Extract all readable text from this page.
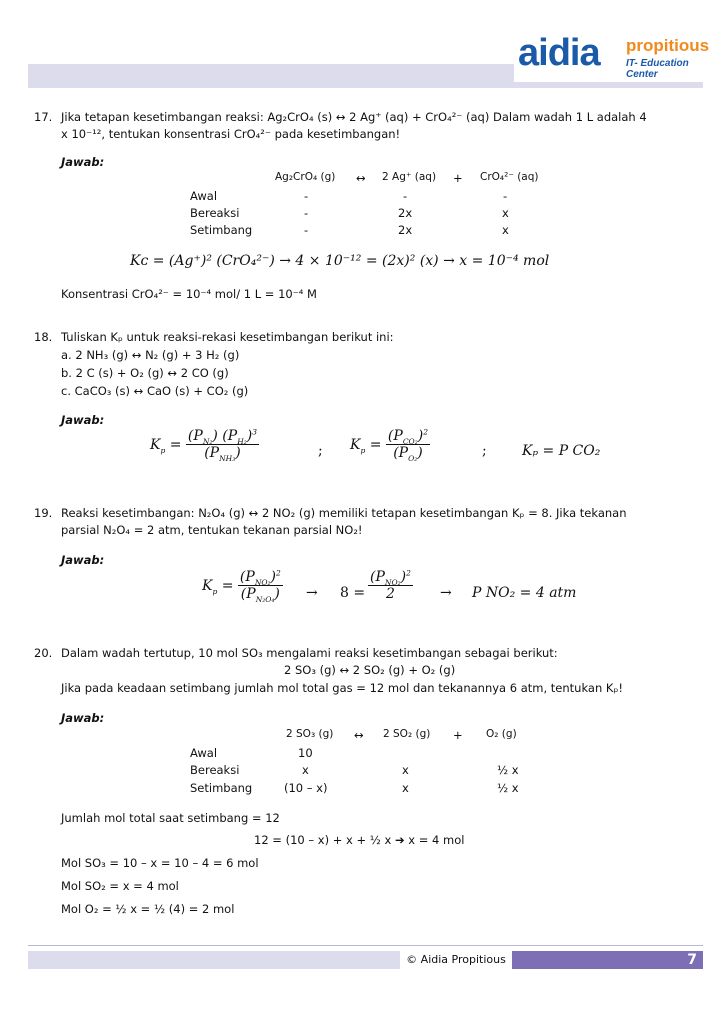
aidia propitious
IT- Education Center
17. Jika tetapan kesetimbangan reaksi: Ag₂CrO₄ (s) ↔ 2 Ag⁺ (aq) + CrO₄²⁻ (aq) Dalam wadah 1 L adalah 4
x 10⁻¹², tentukan konsentrasi CrO₄²⁻ pada kesetimbangan!
Jawab:
Ag₂CrO₄ (g) ↔ 2 Ag⁺ (aq) + CrO₄²⁻ (aq)
Awal	-	-	-
Bereaksi	-	2x	x
Setimbang	-	2x	x
Kᴄ = (Ag⁺)² (CrO₄²⁻) → 4 × 10⁻¹² = (2x)² (x) → x = 10⁻⁴ mol
Konsentrasi CrO₄²⁻ = 10⁻⁴ mol/ 1 L = 10⁻⁴ M
18. Tuliskan Kₚ untuk reaksi-rekasi kesetimbangan berikut ini:
a. 2 NH₃ (g) ↔ N₂ (g) + 3 H₂ (g)
b. 2 C (s) + O₂ (g) ↔ 2 CO (g)
c. CaCO₃ (s) ↔ CaO (s) + CO₂ (g)
Jawab:
$K_p = \frac{(P_{N_2}) (P_{H_2})^3}{(P_{NH_3})}$	; $K_p = \frac{(P_{CO_2})^2}{(P_{O_2})}$	;	Kₚ = P CO₂
19. Reaksi kesetimbangan: N₂O₄ (g) ↔ 2 NO₂ (g) memiliki tetapan kesetimbangan Kₚ = 8. Jika tekanan
parsial N₂O₄ = 2 atm, tentukan tekanan parsial NO₂!
Jawab:
$K_p = \frac{(P_{NO_2})^2}{(P_{N_2O_4})} \to 8 = \frac{(P_{NO_2})^2}{2} \to P$ NO₂ = 4 atm
20. Dalam wadah tertutup, 10 mol SO₃ mengalami reaksi kesetimbangan sebagai berikut:
2 SO₃ (g) ↔ 2 SO₂ (g) + O₂ (g)
Jika pada keadaan setimbang jumlah mol total gas = 12 mol dan tekanannya 6 atm, tentukan Kₚ!
Jawab:
2 SO₃ (g) ↔ 2 SO₂ (g) + O₂ (g)
Awal	10
Bereaksi	x	x	½ x
Setimbang	(10 – x)	x	½ x
Jumlah mol total saat setimbang = 12
12 = (10 – x) + x + ½ x ➔ x = 4 mol
Mol SO₃ = 10 – x = 10 – 4 = 6 mol
Mol SO₂ = x = 4 mol
Mol O₂ = ½ x = ½ (4) = 2 mol
© Aidia Propitious	7
